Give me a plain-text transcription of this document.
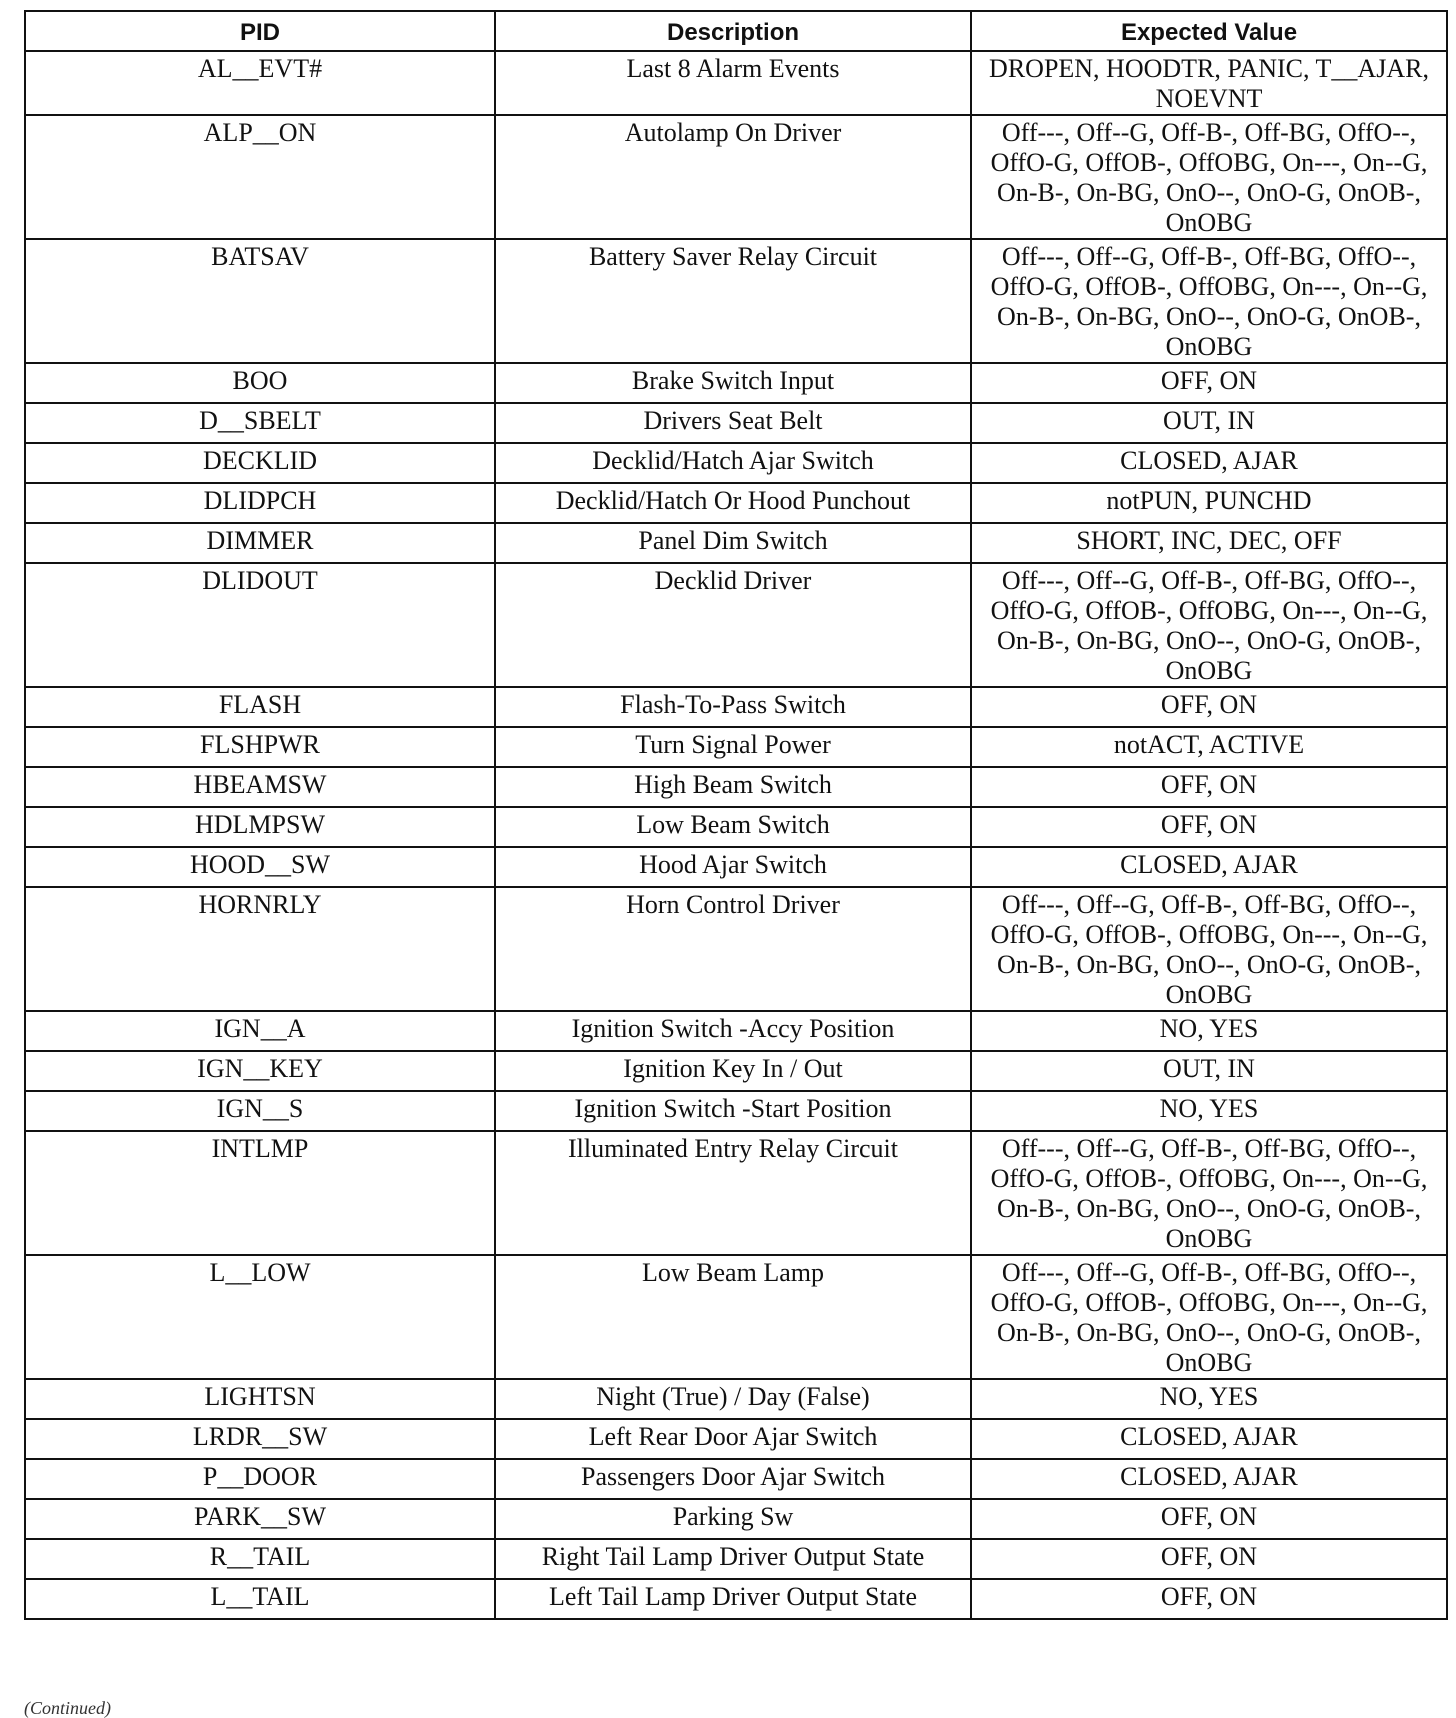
PID	Description	Expected Value
AL__EVT#	Last 8 Alarm Events	DROPEN, HOODTR, PANIC, T__AJAR, NOEVNT
ALP__ON	Autolamp On Driver	Off---, Off--G, Off-B-, Off-BG, OffO--, OffO-G, OffOB-, OffOBG, On---, On--G, On-B-, On-BG, OnO--, OnO-G, OnOB-, OnOBG
BATSAV	Battery Saver Relay Circuit	Off---, Off--G, Off-B-, Off-BG, OffO--, OffO-G, OffOB-, OffOBG, On---, On--G, On-B-, On-BG, OnO--, OnO-G, OnOB-, OnOBG
BOO	Brake Switch Input	OFF, ON
D__SBELT	Drivers Seat Belt	OUT, IN
DECKLID	Decklid/Hatch Ajar Switch	CLOSED, AJAR
DLIDPCH	Decklid/Hatch Or Hood Punchout	notPUN, PUNCHD
DIMMER	Panel Dim Switch	SHORT, INC, DEC, OFF
DLIDOUT	Decklid Driver	Off---, Off--G, Off-B-, Off-BG, OffO--, OffO-G, OffOB-, OffOBG, On---, On--G, On-B-, On-BG, OnO--, OnO-G, OnOB-, OnOBG
FLASH	Flash-To-Pass Switch	OFF, ON
FLSHPWR	Turn Signal Power	notACT, ACTIVE
HBEAMSW	High Beam Switch	OFF, ON
HDLMPSW	Low Beam Switch	OFF, ON
HOOD__SW	Hood Ajar Switch	CLOSED, AJAR
HORNRLY	Horn Control Driver	Off---, Off--G, Off-B-, Off-BG, OffO--, OffO-G, OffOB-, OffOBG, On---, On--G, On-B-, On-BG, OnO--, OnO-G, OnOB-, OnOBG
IGN__A	Ignition Switch -Accy Position	NO, YES
IGN__KEY	Ignition Key In / Out	OUT, IN
IGN__S	Ignition Switch -Start Position	NO, YES
INTLMP	Illuminated Entry Relay Circuit	Off---, Off--G, Off-B-, Off-BG, OffO--, OffO-G, OffOB-, OffOBG, On---, On--G, On-B-, On-BG, OnO--, OnO-G, OnOB-, OnOBG
L__LOW	Low Beam Lamp	Off---, Off--G, Off-B-, Off-BG, OffO--, OffO-G, OffOB-, OffOBG, On---, On--G, On-B-, On-BG, OnO--, OnO-G, OnOB-, OnOBG
LIGHTSN	Night (True) / Day (False)	NO, YES
LRDR__SW	Left Rear Door Ajar Switch	CLOSED, AJAR
P__DOOR	Passengers Door Ajar Switch	CLOSED, AJAR
PARK__SW	Parking Sw	OFF, ON
R__TAIL	Right Tail Lamp Driver Output State	OFF, ON
L__TAIL	Left Tail Lamp Driver Output State	OFF, ON
(Continued)
